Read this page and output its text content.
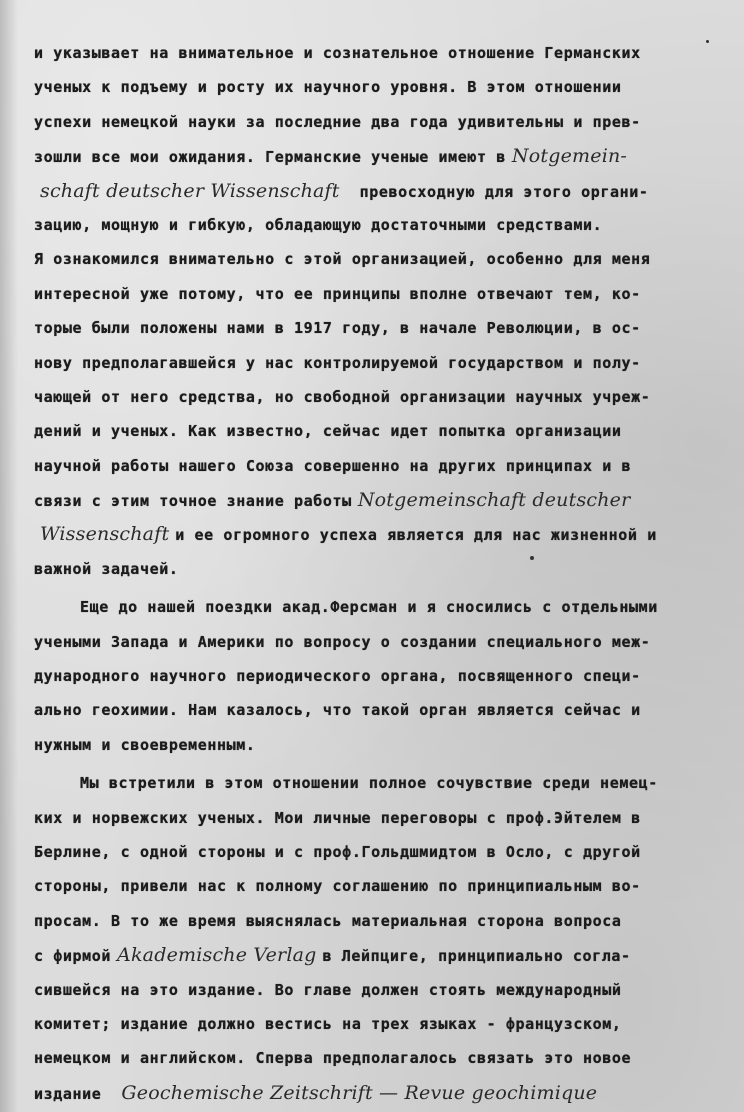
и указывает на внимательное и сознательное отношение Германских
ученых к подъему и росту их научного уровня. В этом отношении
успехи немецкой науки за последние два года удивительны и прев-
зошли все мои ожидания. Германские ученые имеют в Notgemein-
schaft deutscher Wissenschaft превосходную для этого органи-
зацию, мощную и гибкую, обладающую достаточными средствами.
Я ознакомился внимательно с этой организацией, особенно для меня
интересной уже потому, что ее принципы вполне отвечают тем, ко-
торые были положены нами в 1917 году, в начале Революции, в ос-
нову предполагавшейся у нас контролируемой государством и полу-
чающей от него средства, но свободной организации научных учреж-
дений и ученых. Как известно, сейчас идет попытка организации
научной работы нашего Союза совершенно на других принципах и в
связи с этим точное знание работы Notgemeinschaft deutscher
Wissenschaft и ее огромного успеха является для нас жизненной и
важной задачей.
Еще до нашей поездки акад.Ферсман и я сносились с отдельными
учеными Запада и Америки по вопросу о создании специального меж-
дународного научного периодического органа, посвященного специ-
ально геохимии. Нам казалось, что такой орган является сейчас и
нужным и своевременным.
Мы встретили в этом отношении полное сочувствие среди немец-
ких и норвежских ученых. Мои личные переговоры с проф.Эйтелем в
Берлине, с одной стороны и с проф.Гольдшмидтом в Осло, с другой
стороны, привели нас к полному соглашению по принципиальным во-
просам. В то же время выяснялась материальная сторона вопроса
с фирмой Akademische Verlag в Лейпциге, принципиально согла-
сившейся на это издание. Во главе должен стоять международный
комитет; издание должно вестись на трех языках - французском,
немецком и английском. Сперва предполагалось связать это новое
издание Geochemische Zeitschrift — Revue geochimique
